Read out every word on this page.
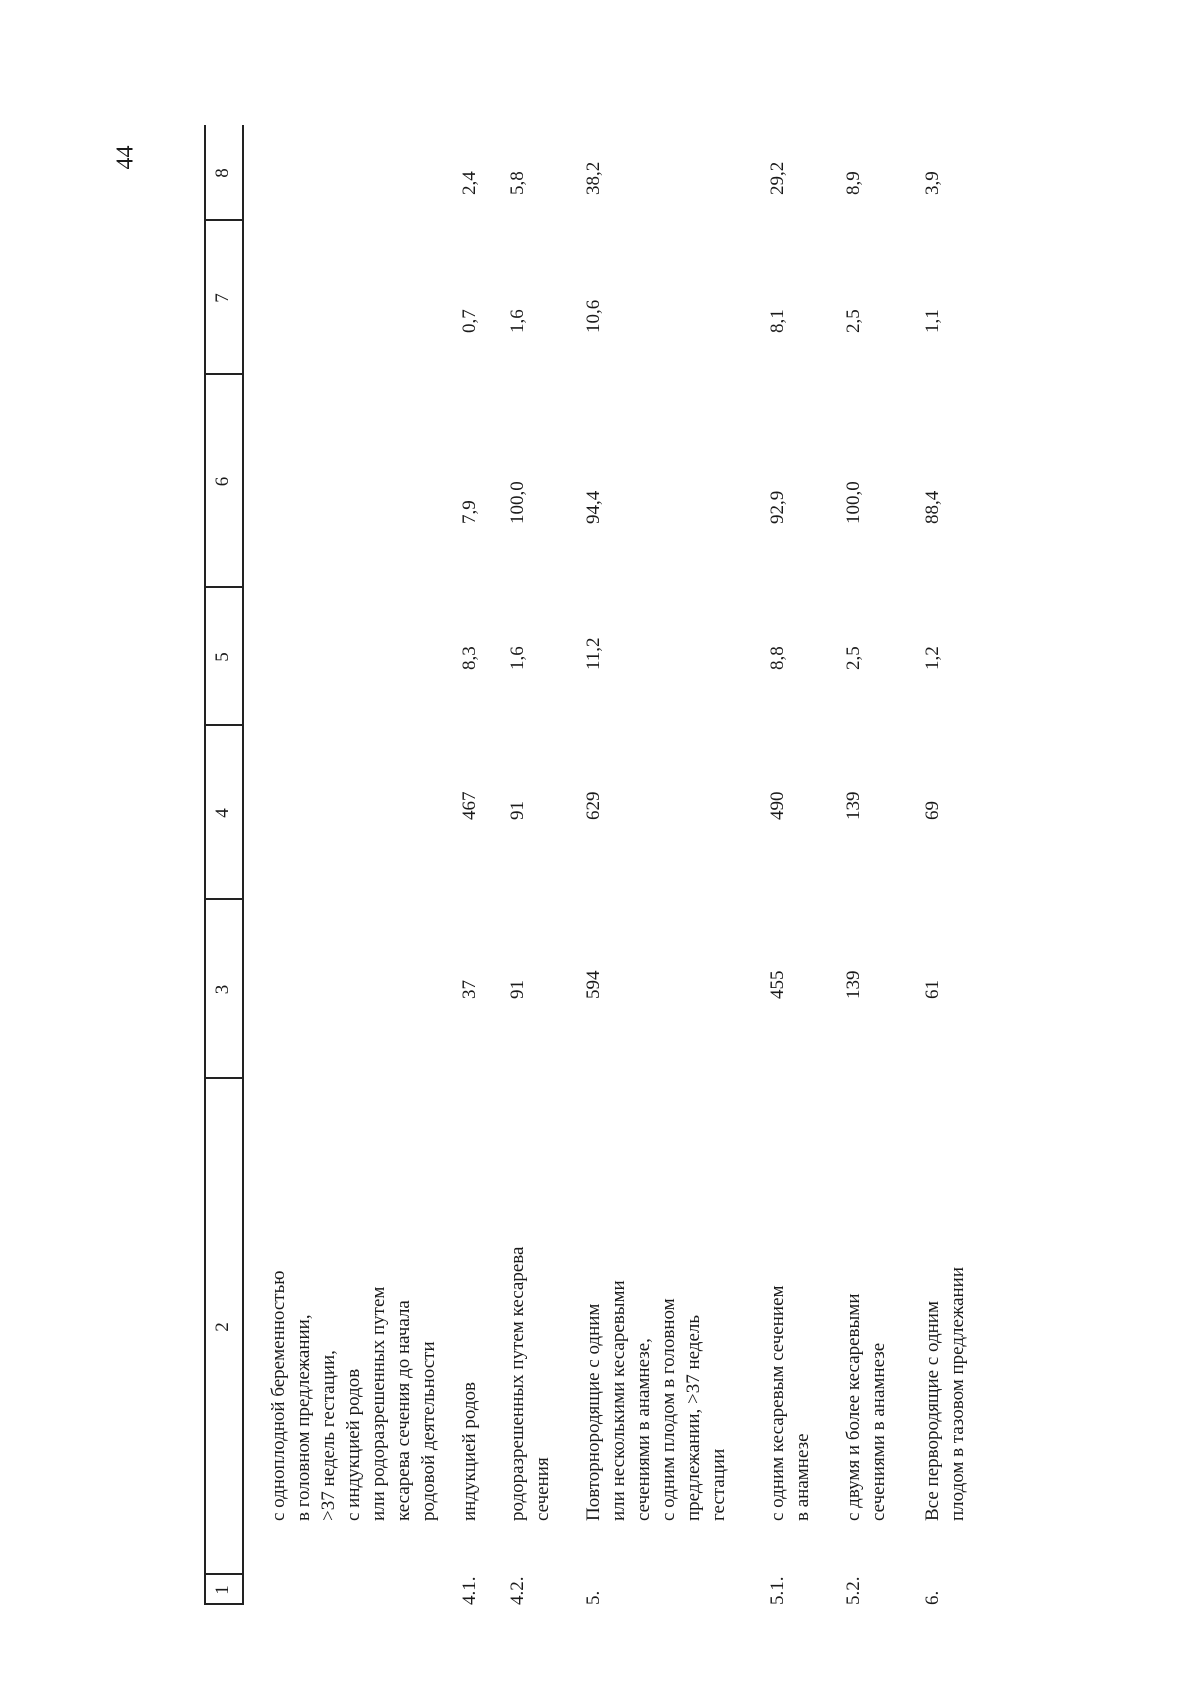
44
1
2
3
4
5
6
7
8
с одноплодной беременностью в головном предлежании, >37 недель гестации, с индукцией родов или родоразрешенных путем кесарева сечения до начала родовой деятельности
4.1.
индукцией родов
37
467
8,3
7,9
0,7
2,4
4.2.
родоразрешенных путем кесарева сечения
91
91
1,6
100,0
1,6
5,8
5.
Повторнородящие с одним или несколькими кесаревыми сечениями в анамнезе, с одним плодом в головном предлежании, >37 недель гестации
594
629
11,2
94,4
10,6
38,2
5.1.
с одним кесаревым сечением в анамнезе
455
490
8,8
92,9
8,1
29,2
5.2.
с двумя и более кесаревыми сечениями в анамнезе
139
139
2,5
100,0
2,5
8,9
6.
Все первородящие с одним плодом в тазовом предлежании
61
69
1,2
88,4
1,1
3,9
